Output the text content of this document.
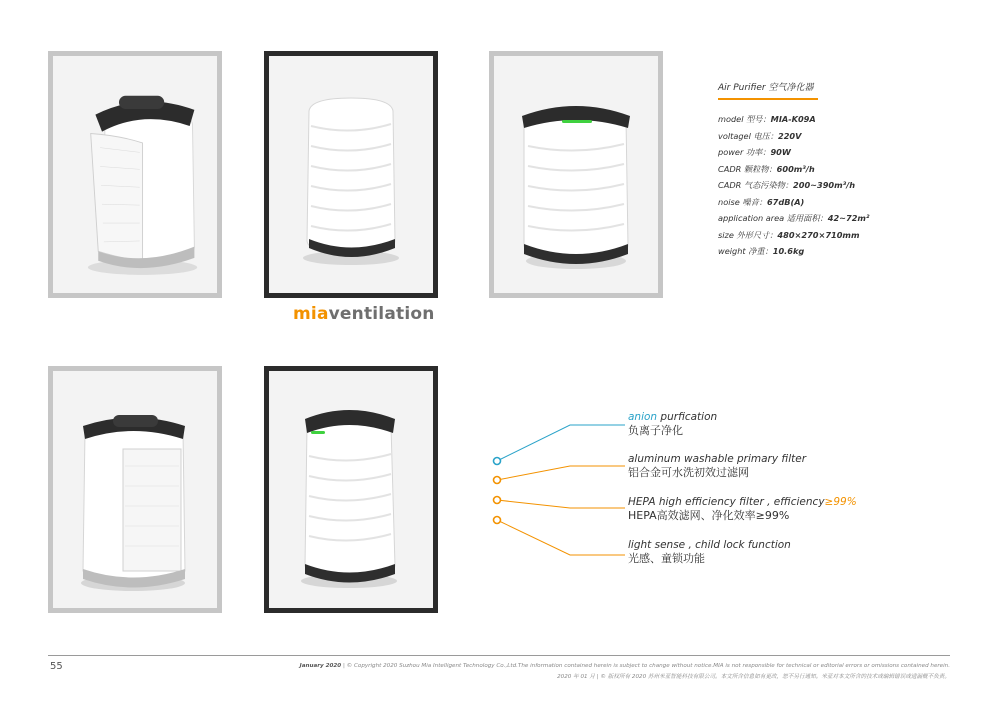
miaventilation
Air Purifier 空气净化器
model 型号：MIA-K09A
voltagel 电压：220V
power 功率：90W
CADR 颗粒物：600m³/h
CADR 气态污染物：200~390m³/h
noise 噪音：67dB(A)
application area 适用面积：42~72m²
size 外形尺寸：480×270×710mm
weight 净重：10.6kg
anion purfication
负离子净化
aluminum washable primary filter
铝合金可水洗初效过滤网
HEPA high efficiency filter , efficiency≥99%
HEPA高效滤网、净化效率≥99%
light sense , child lock function
光感、童锁功能
55	January 2020 | © Copyright 2020 Suzhou Mia Intelligent Technology Co.,Ltd.The information contained herein is subject to change without notice.MIA is not responsible for technical or editorial errors or omissions contained herein.
2020 年 01 月 | © 版权所有 2020 苏州米亚智能科技有限公司。本文所含信息如有更改，恕不另行通知。米亚对本文所含的技术或编辑错误或遗漏概不负责。
